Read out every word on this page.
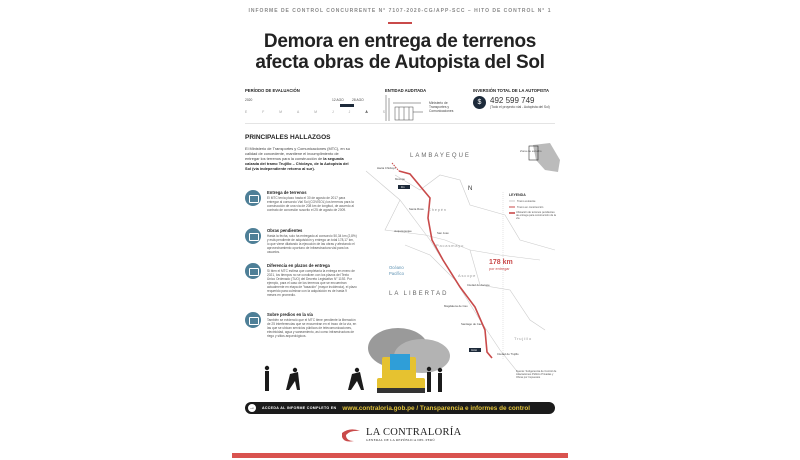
INFORME DE CONTROL CONCURRENTE N° 7107-2020-CG/APP-SCC – HITO DE CONTROL N° 1
Demora en entrega de terrenos
afecta obras de Autopista del Sol
PERÍODO DE EVALUACIÓN
2020	12 AGO	28 AGO
E	F	M	A	M	J	J	A	S
ENTIDAD AUDITADA
Ministerio de Transportes y Comunicaciones
INVERSIÓN TOTAL DE LA AUTOPISTA
$	492 599 749
(Todo el proyecto vial - Autopista del Sol)
PRINCIPALES HALLAZGOS
El Ministerio de Transportes y Comunicaciones (MTC), en su calidad de concedente, mantiene el incumplimiento de entregar los terrenos para la construcción de la segunda calzada del tramo Trujillo – Chiclayo, de la Autopista del Sol (vía independiente retorno al sur).
Entrega de terrenos
El MTC tenía plazo hasta el 30 de agosto de 2017 para entregar al consorcio Vial Sol (COVISOL) los terrenos para la construcción de una vía de 208 km de longitud, de acuerdo al contrato de concesión suscrito el 25 de agosto de 2009.
Obras pendientes
Hasta la fecha, solo ha entregado al consorcio 50,34 km (2,8%) y está pendiente de adquisición y entrega un total 178,17 km, lo que viene dilatando la ejecución de las obras y afectando el aprovechamiento oportuno de infraestructura vial para los usuarios.
Diferencia en plazos de entrega
Si bien el MTC estima que completaría la entrega en enero de 2021, los tiempos no se condicen con los plazos del Texto Único Ordenado (TUO) del Decreto Legislativo N° 1192. Por ejemplo, para el caso de los terrenos que se encuentran actualmente en etapa de "tasación" (mayor incidencia), el plazo requerido para culminar con la adquisición es de hasta 9 meses en promedio.
Sobre predios en la vía
También se evidenció que el MTC tiene pendiente la liberación de 25 interferencias que se encuentran en el trazo de la vía, en las que se ubican servicios públicos de telecomunicaciones, electricidad, agua y saneamiento, así como infraestructura de riego y sitios arqueológicos.
Zona de estudio
LAMBAYEQUE
LA LIBERTAD
Chepén
Pacasmayo
Ascope
Trujillo
Océano
Pacífico
178 km
por entregar
Hacia Chiclayo
Mocupe
Santa Rosa
Jequetepeque	San José
Ciudad de Ascope
Magdalena de Cao
Santiago de Cao
Ciudad de Trujillo
Fin
Inicio
N
LEYENDA
Tramo existente
Tramo en construcción
Ubicación de terrenos pendientes de entrega para construcción de la vía
Fuente: Subgerencia de Control de Asociaciones Público Privadas y Obras por Impuestos
→ ACCEDA AL INFORME COMPLETO EN www.contraloria.gob.pe / Transparencia e informes de control
LA CONTRALORÍA
GENERAL DE LA REPÚBLICA DEL PERÚ
